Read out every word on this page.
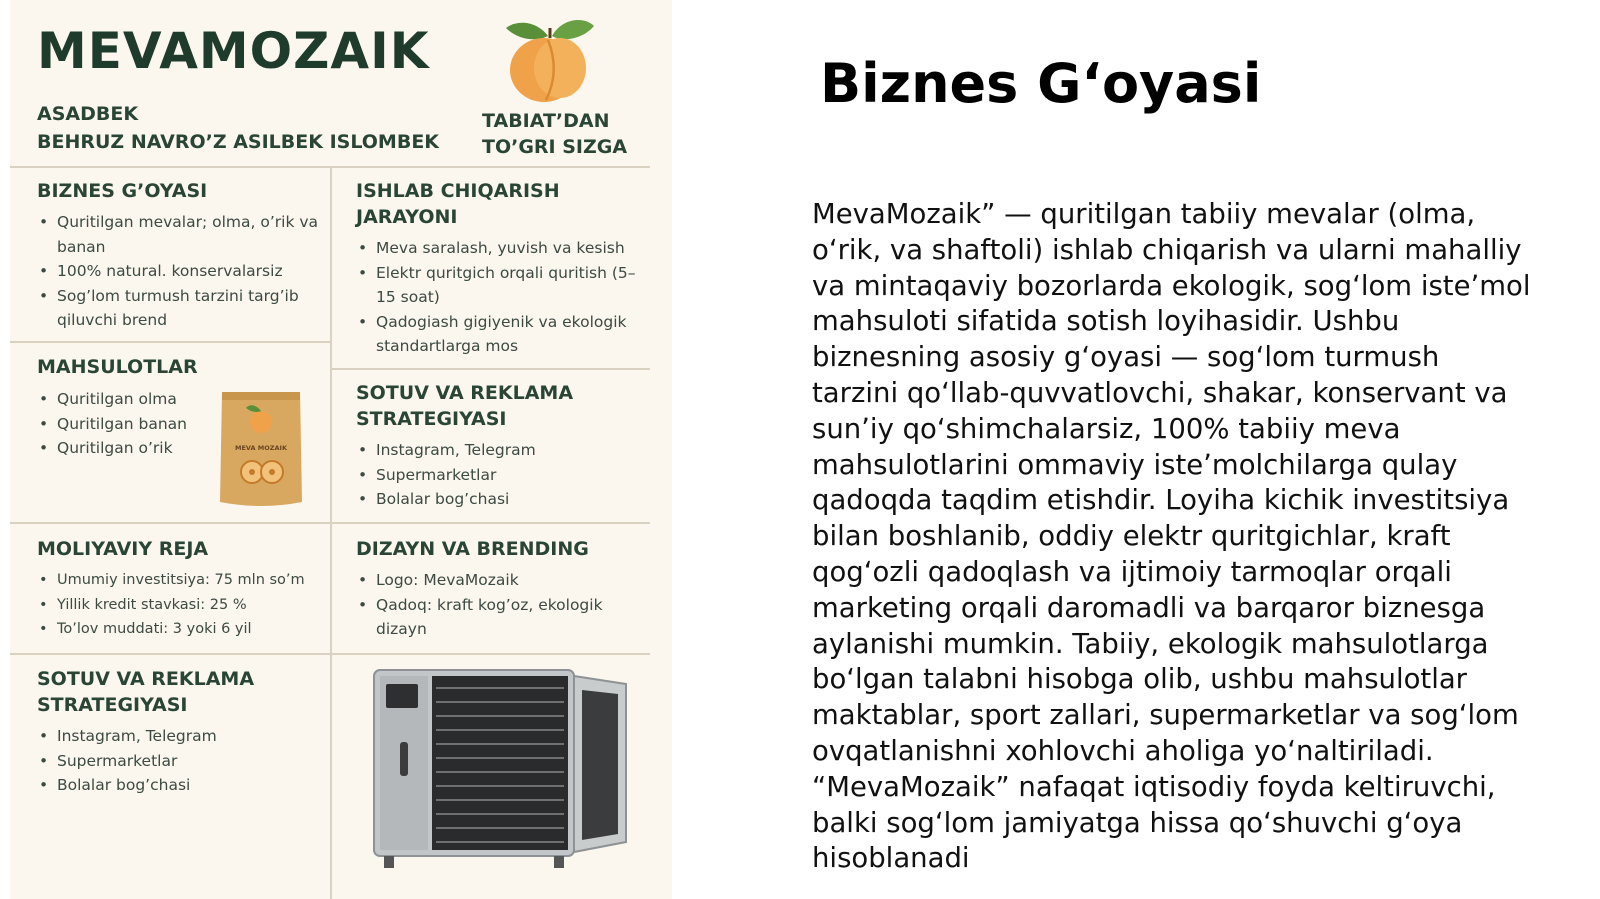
MEVAMOZAIK
ASADBEK
BEHRUZ NAVRO’Z ASILBEK ISLOMBEK
TABIAT’DAN
TO’GRI SIZGA
BIZNES G’OYASI
• Quritilgan mevalar; olma, o’rik va banan
• 100% natural. konservalarsiz
• Sog’lom turmush tarzini targ’ib qiluvchi brend
ISHLAB CHIQARISH
JARAYONI
• Meva saralash, yuvish va kesish
• Elektr quritgich orqali quritish (5–15 soat)
• Qadogiash gigiyenik va ekologik standartlarga mos
MAHSULOTLAR
• Quritilgan olma
• Quritilgan banan
• Quritilgan o’rik	MEVA MOZAIK
SOTUV VA REKLAMA
STRATEGIYASI
• Instagram, Telegram
• Supermarketlar
• Bolalar bog’chasi
MOLIYAVIY REJA
• Umumiy investitsiya: 75 mln so’m
• Yillik kredit stavkasi: 25 %
• To’lov muddati: 3 yoki 6 yil
DIZAYN VA BRENDING
• Logo: MevaMozaik
• Qadoq: kraft kog’oz, ekologik dizayn
SOTUV VA REKLAMA
STRATEGIYASI
• Instagram, Telegram
• Supermarketlar
• Bolalar bog’chasi
Biznes Gʻoyasi

MevaMozaik” — quritilgan tabiiy mevalar (olma, oʻrik, va shaftoli) ishlab chiqarish va ularni mahalliy va mintaqaviy bozorlarda ekologik, sogʻlom isteʼmol mahsuloti sifatida sotish loyihasidir. Ushbu biznesning asosiy gʻoyasi — sogʻlom turmush tarzini qoʻllab-quvvatlovchi, shakar, konservant va sunʼiy qoʻshimchalarsiz, 100% tabiiy meva mahsulotlarini ommaviy isteʼmolchilarga qulay qadoqda taqdim etishdir. Loyiha kichik investitsiya bilan boshlanib, oddiy elektr quritgichlar, kraft qogʻozli qadoqlash va ijtimoiy tarmoqlar orqali marketing orqali daromadli va barqaror biznesga aylanishi mumkin. Tabiiy, ekologik mahsulotlarga boʻlgan talabni hisobga olib, ushbu mahsulotlar maktablar, sport zallari, supermarketlar va sogʻlom ovqatlanishni xohlovchi aholiga yoʻnaltiriladi. “MevaMozaik” nafaqat iqtisodiy foyda keltiruvchi, balki sogʻlom jamiyatga hissa qoʻshuvchi gʻoya hisoblanadi
